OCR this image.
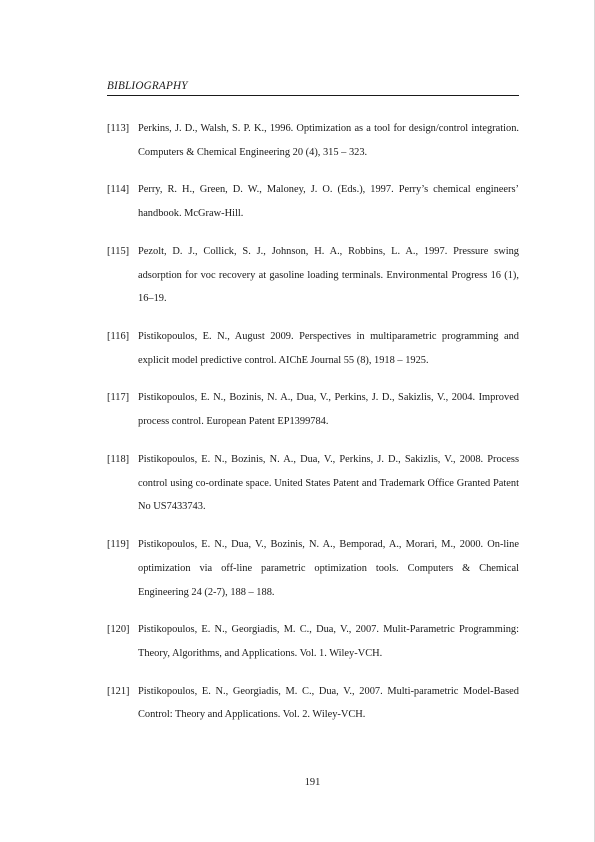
BIBLIOGRAPHY
[113] Perkins, J. D., Walsh, S. P. K., 1996. Optimization as a tool for design/control integration. Computers & Chemical Engineering 20 (4), 315 – 323.
[114] Perry, R. H., Green, D. W., Maloney, J. O. (Eds.), 1997. Perry’s chemical engineers’ handbook. McGraw-Hill.
[115] Pezolt, D. J., Collick, S. J., Johnson, H. A., Robbins, L. A., 1997. Pressure swing adsorption for voc recovery at gasoline loading terminals. Environmental Progress 16 (1), 16–19.
[116] Pistikopoulos, E. N., August 2009. Perspectives in multiparametric programming and explicit model predictive control. AIChE Journal 55 (8), 1918 – 1925.
[117] Pistikopoulos, E. N., Bozinis, N. A., Dua, V., Perkins, J. D., Sakizlis, V., 2004. Improved process control. European Patent EP1399784.
[118] Pistikopoulos, E. N., Bozinis, N. A., Dua, V., Perkins, J. D., Sakizlis, V., 2008. Process control using co-ordinate space. United States Patent and Trademark Office Granted Patent No US7433743.
[119] Pistikopoulos, E. N., Dua, V., Bozinis, N. A., Bemporad, A., Morari, M., 2000. On-line optimization via off-line parametric optimization tools. Computers & Chemical Engineering 24 (2-7), 188 – 188.
[120] Pistikopoulos, E. N., Georgiadis, M. C., Dua, V., 2007. Mulit-Parametric Programming: Theory, Algorithms, and Applications. Vol. 1. Wiley-VCH.
[121] Pistikopoulos, E. N., Georgiadis, M. C., Dua, V., 2007. Multi-parametric Model-Based Control: Theory and Applications. Vol. 2. Wiley-VCH.
191
